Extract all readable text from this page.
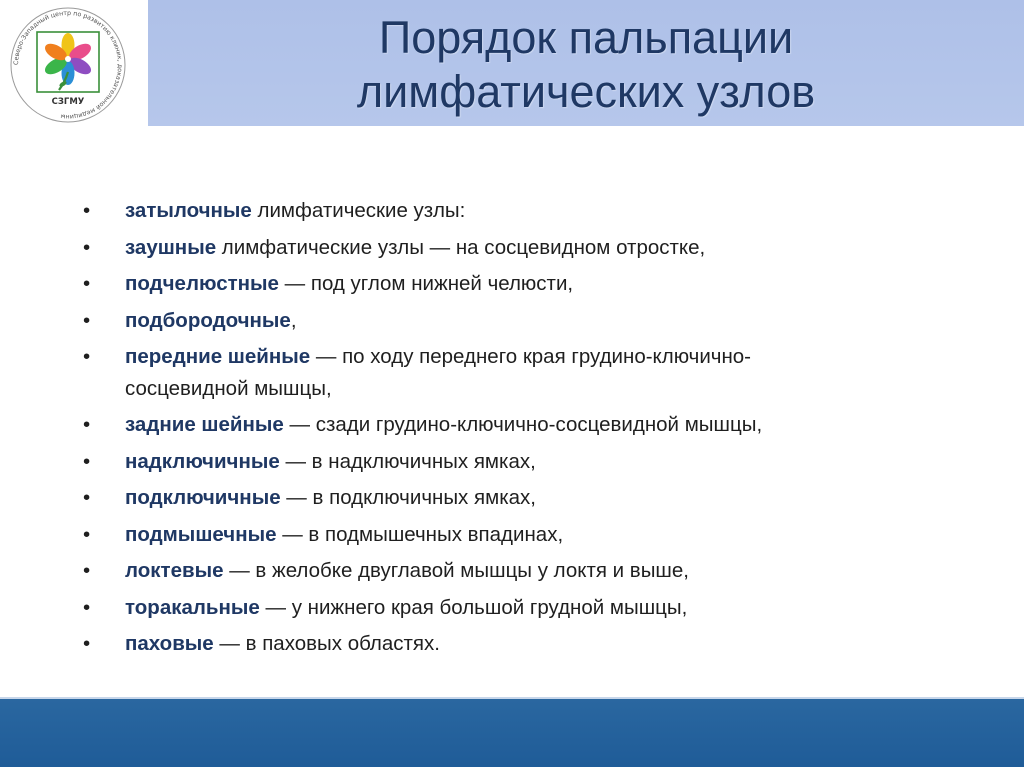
Северо-Западный центр по развитию клиник, доказательной медицины
СЗГМУ
Порядок пальпации
лимфатических узлов
• затылочные лимфатические узлы:
• заушные лимфатические узлы — на сосцевидном отростке,
• подчелюстные — под углом нижней челюсти,
• подбородочные,
• передние шейные — по ходу переднего края грудино-ключично-
сосцевидной мышцы,
• задние шейные — сзади грудино-ключично-сосцевидной мышцы,
• надключичные — в надключичных ямках,
• подключичные — в подключичных ямках,
• подмышечные — в подмышечных впадинах,
• локтевые — в желобке двуглавой мышцы у локтя и выше,
• торакальные — у нижнего края большой грудной мышцы,
• паховые — в паховых областях.
